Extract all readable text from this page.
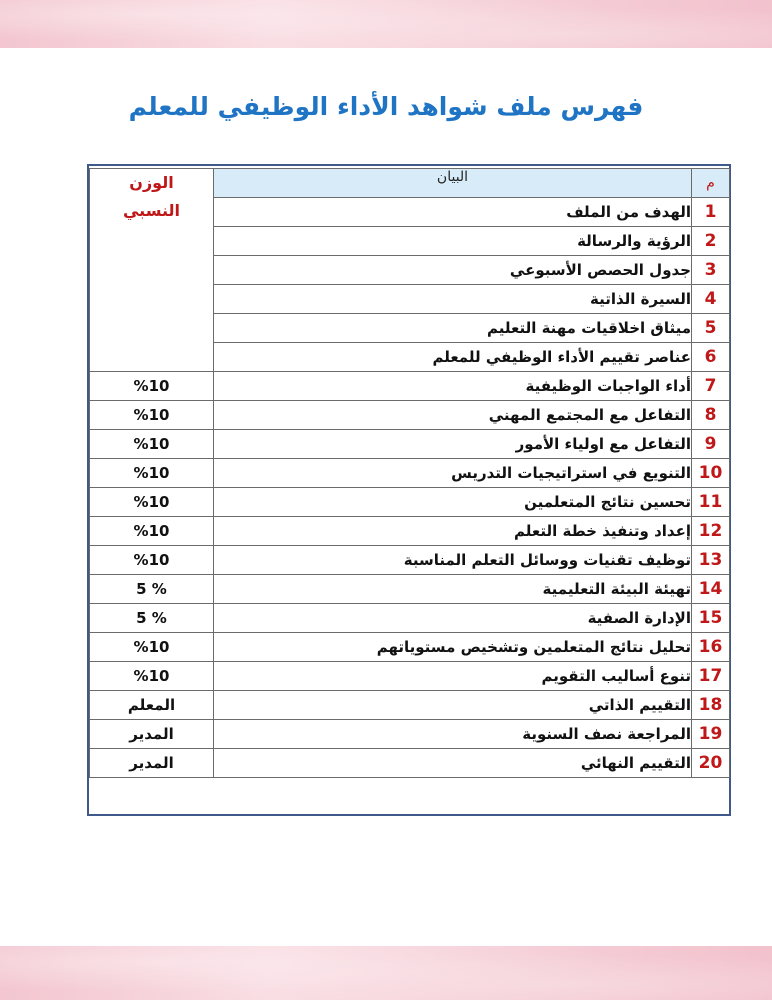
فهرس ملف شواهد الأداء الوظيفي للمعلم
م	البيان	الوزن
النسبي

1	الهدف من الملف	
2	الرؤية والرسالة	
3	جدول الحصص الأسبوعي	
4	السيرة الذاتية	
5	ميثاق اخلاقيات مهنة التعليم	
6	عناصر تقييم الأداء الوظيفي للمعلم	
7	أداء الواجبات الوظيفية	%10
8	التفاعل مع المجتمع المهني	%10
9	التفاعل مع اولياء الأمور	%10
10	التنويع في استراتيجيات التدريس	%10
11	تحسين نتائج المتعلمين	%10
12	إعداد وتنفيذ خطة التعلم	%10
13	توظيف تقنيات ووسائل التعلم المناسبة	%10
14	تهيئة البيئة التعليمية	% 5
15	الإدارة الصفية	% 5
16	تحليل نتائج المتعلمين وتشخيص مستوياتهم	%10
17	تنوع أساليب التقويم	%10
18	التقييم الذاتي	المعلم
19	المراجعة نصف السنوية	المدير
20	التقييم النهائي	المدير
